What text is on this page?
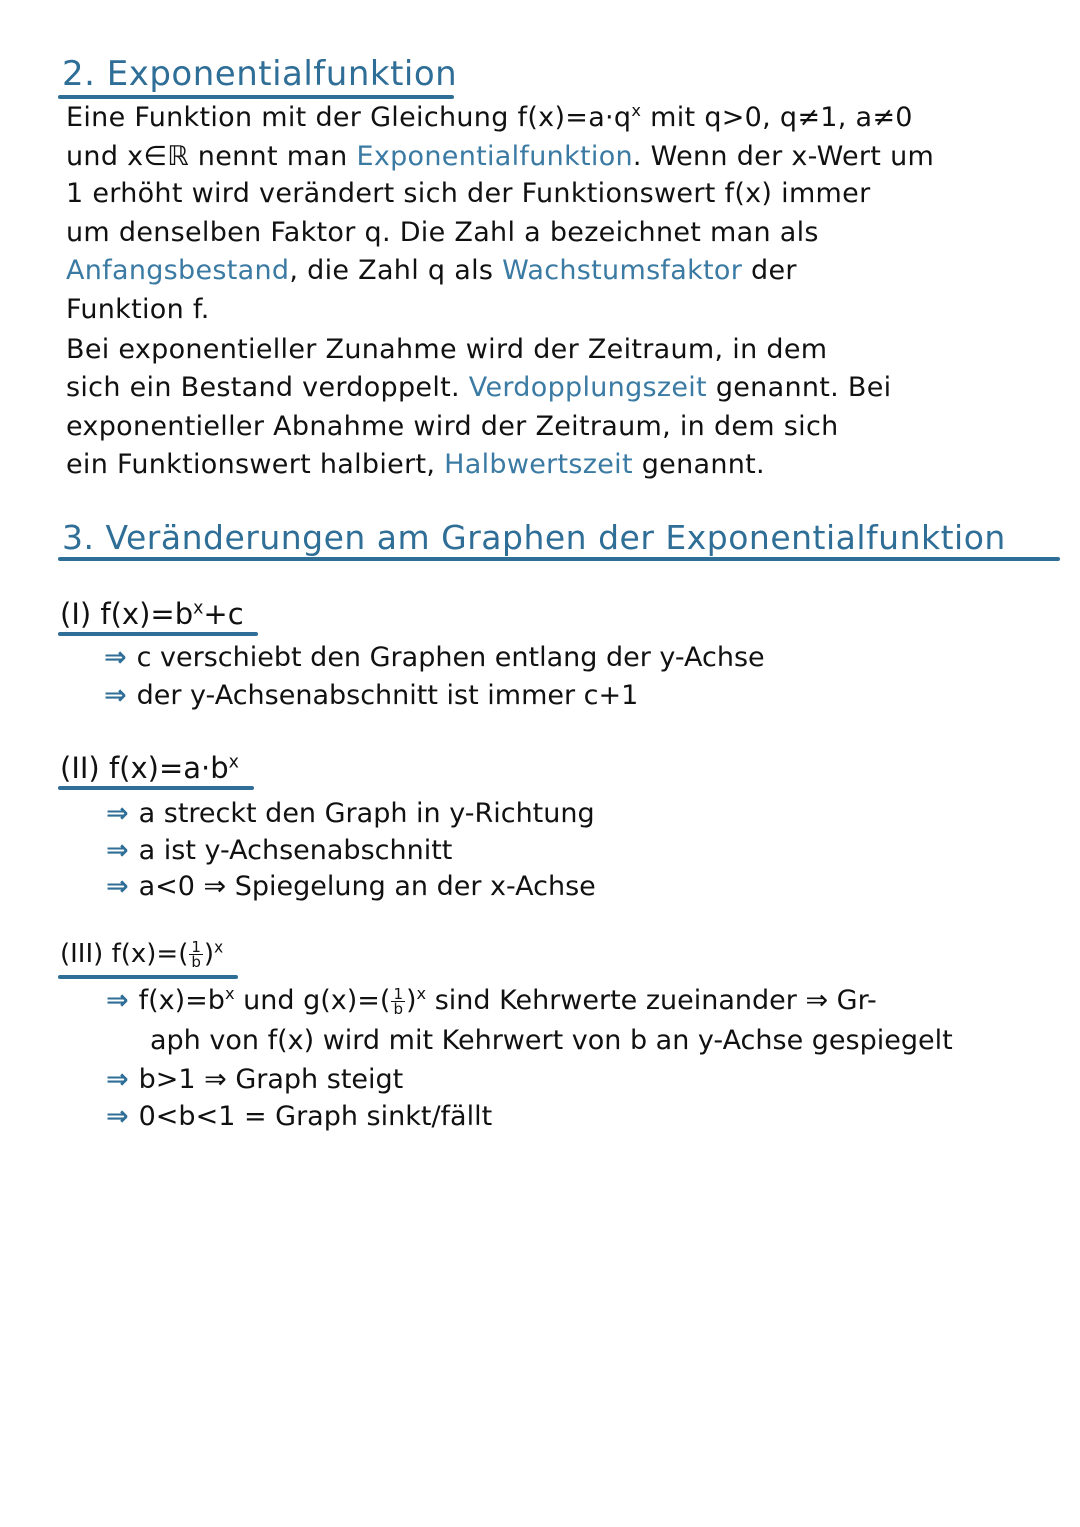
2. Exponentialfunktion
Eine Funktion mit der Gleichung $f(x)=a\cdot q^x$ mit q>0, q≠1, a≠0
und x∈ℝ nennt man Exponentialfunktion. Wenn der x-Wert um
1 erhöht wird verändert sich der Funktionswert f(x) immer
um denselben Faktor q. Die Zahl a bezeichnet man als
Anfangsbestand, die Zahl q als Wachstumsfaktor der
Funktion f.
Bei exponentieller Zunahme wird der Zeitraum, in dem
sich ein Bestand verdoppelt. Verdopplungszeit genannt. Bei
exponentieller Abnahme wird der Zeitraum, in dem sich
ein Funktionswert halbiert, Halbwertszeit genannt.
3. Veränderungen am Graphen der Exponentialfunktion
(I) $f(x)=b^x+c$
⇒ c verschiebt den Graphen entlang der y-Achse
⇒ der y-Achsenabschnitt ist immer c+1
(II) $f(x)=a\cdot b^x$
⇒ a streckt den Graph in y-Richtung
⇒ a ist y-Achsenabschnitt
⇒ a<0 ⇒ Spiegelung an der x-Achse
(III) $f(x)=( \frac{1}{b} )^x$
⇒ $f(x)=b^x$ und $g(x)=( \frac{1}{b} )^x$ sind Kehrwerte zueinander ⇒ Gr-
aph von f(x) wird mit Kehrwert von b an y-Achse gespiegelt
⇒ b>1 ⇒ Graph steigt
⇒ 0<b<1 = Graph sinkt/fällt
